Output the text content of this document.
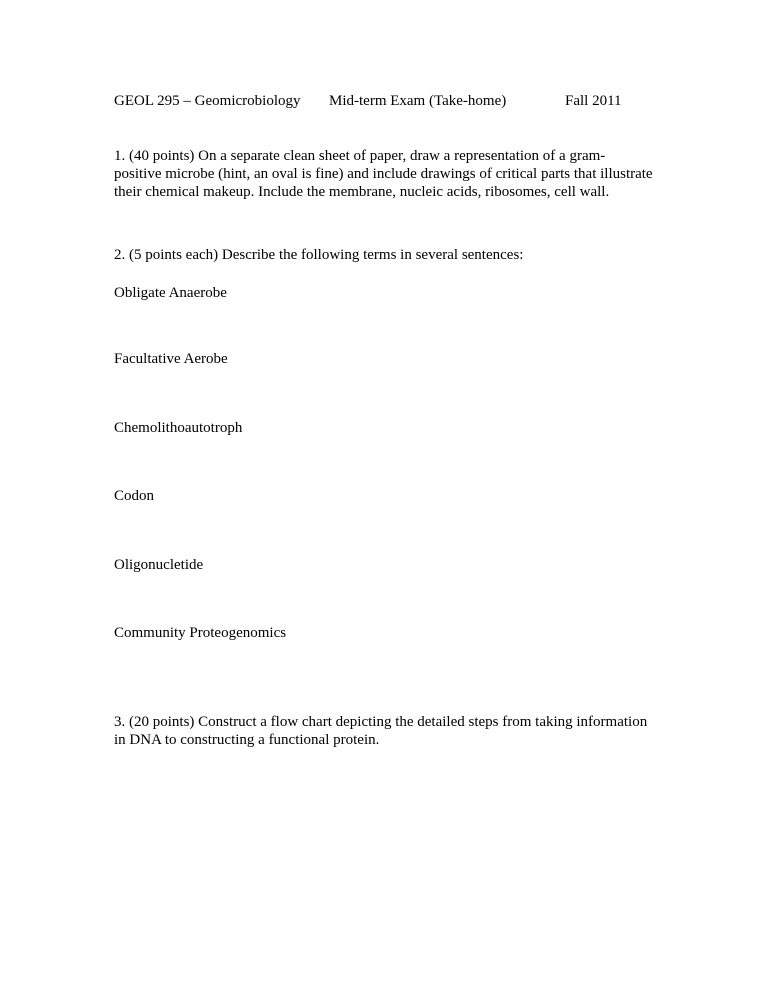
GEOL 295 – Geomicrobiology Mid-term Exam (Take-home)	Fall 2011
1. (40 points) On a separate clean sheet of paper, draw a representation of a gram-
positive microbe (hint, an oval is fine) and include drawings of critical parts that illustrate
their chemical makeup. Include the membrane, nucleic acids, ribosomes, cell wall.
2. (5 points each) Describe the following terms in several sentences:
Obligate Anaerobe
Facultative Aerobe
Chemolithoautotroph
Codon
Oligonucletide
Community Proteogenomics
3. (20 points) Construct a flow chart depicting the detailed steps from taking information
in DNA to constructing a functional protein.
